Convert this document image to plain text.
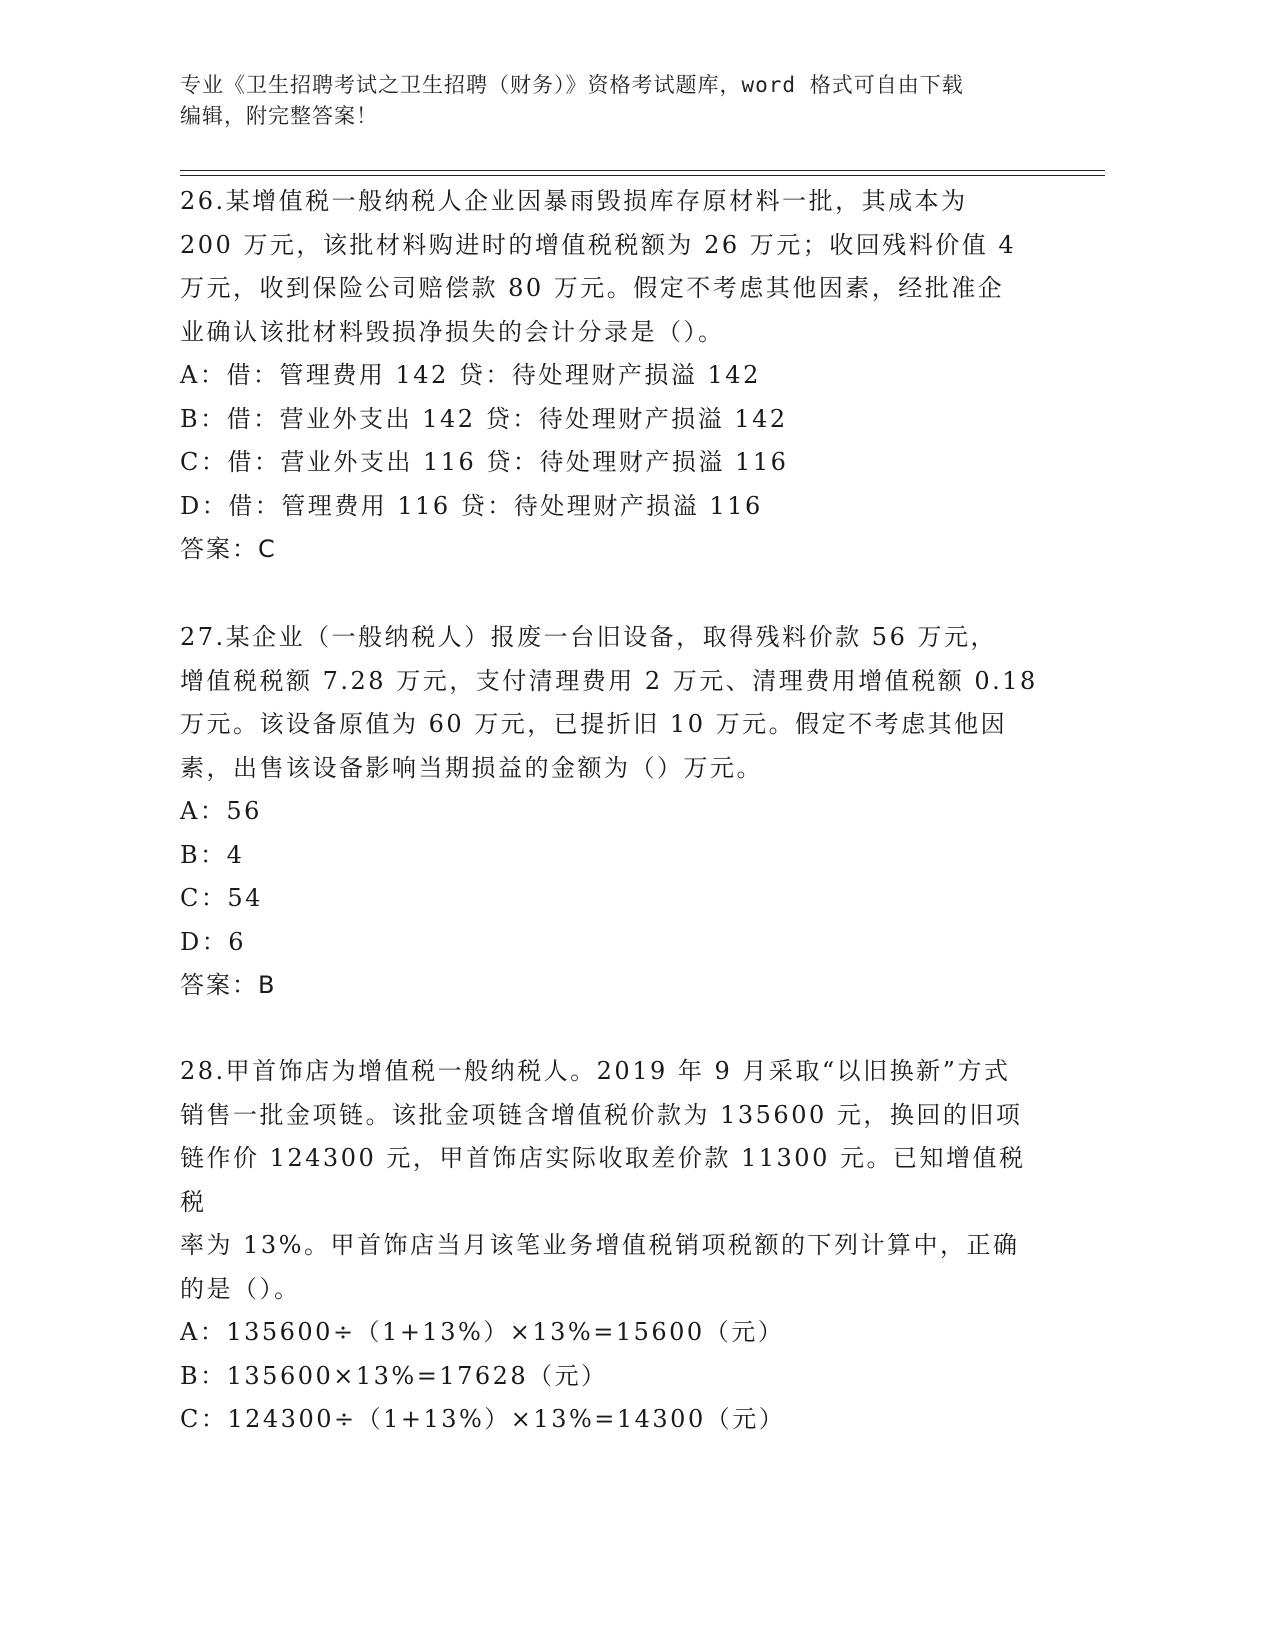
专业《卫生招聘考试之卫生招聘（财务）》资格考试题库，word 格式可自由下载
编辑，附完整答案！

26.某增值税一般纳税人企业因暴雨毁损库存原材料一批，其成本为

200 万元，该批材料购进时的增值税税额为 26 万元；收回残料价值 4

万元，收到保险公司赔偿款 80 万元。假定不考虑其他因素，经批准企

业确认该批材料毁损净损失的会计分录是（）。

A：借：管理费用 142 贷：待处理财产损溢 142

B：借：营业外支出 142 贷：待处理财产损溢 142

C：借：营业外支出 116 贷：待处理财产损溢 116

D：借：管理费用 116 贷：待处理财产损溢 116

答案：C

27.某企业（一般纳税人）报废一台旧设备，取得残料价款 56 万元，

增值税税额 7.28 万元，支付清理费用 2 万元、清理费用增值税额 0.18

万元。该设备原值为 60 万元，已提折旧 10 万元。假定不考虑其他因

素，出售该设备影响当期损益的金额为（）万元。

A：56

B：4

C：54

D：6

答案：B

28.甲首饰店为增值税一般纳税人。2019 年 9 月采取“以旧换新”方式

销售一批金项链。该批金项链含增值税价款为 135600 元，换回的旧项

链作价 124300 元，甲首饰店实际收取差价款 11300 元。已知增值税税

率为 13%。甲首饰店当月该笔业务增值税销项税额的下列计算中，正确

的是（）。

A：135600÷（1+13%）×13%=15600（元）

B：135600×13%=17628（元）

C：124300÷（1+13%）×13%=14300（元）
